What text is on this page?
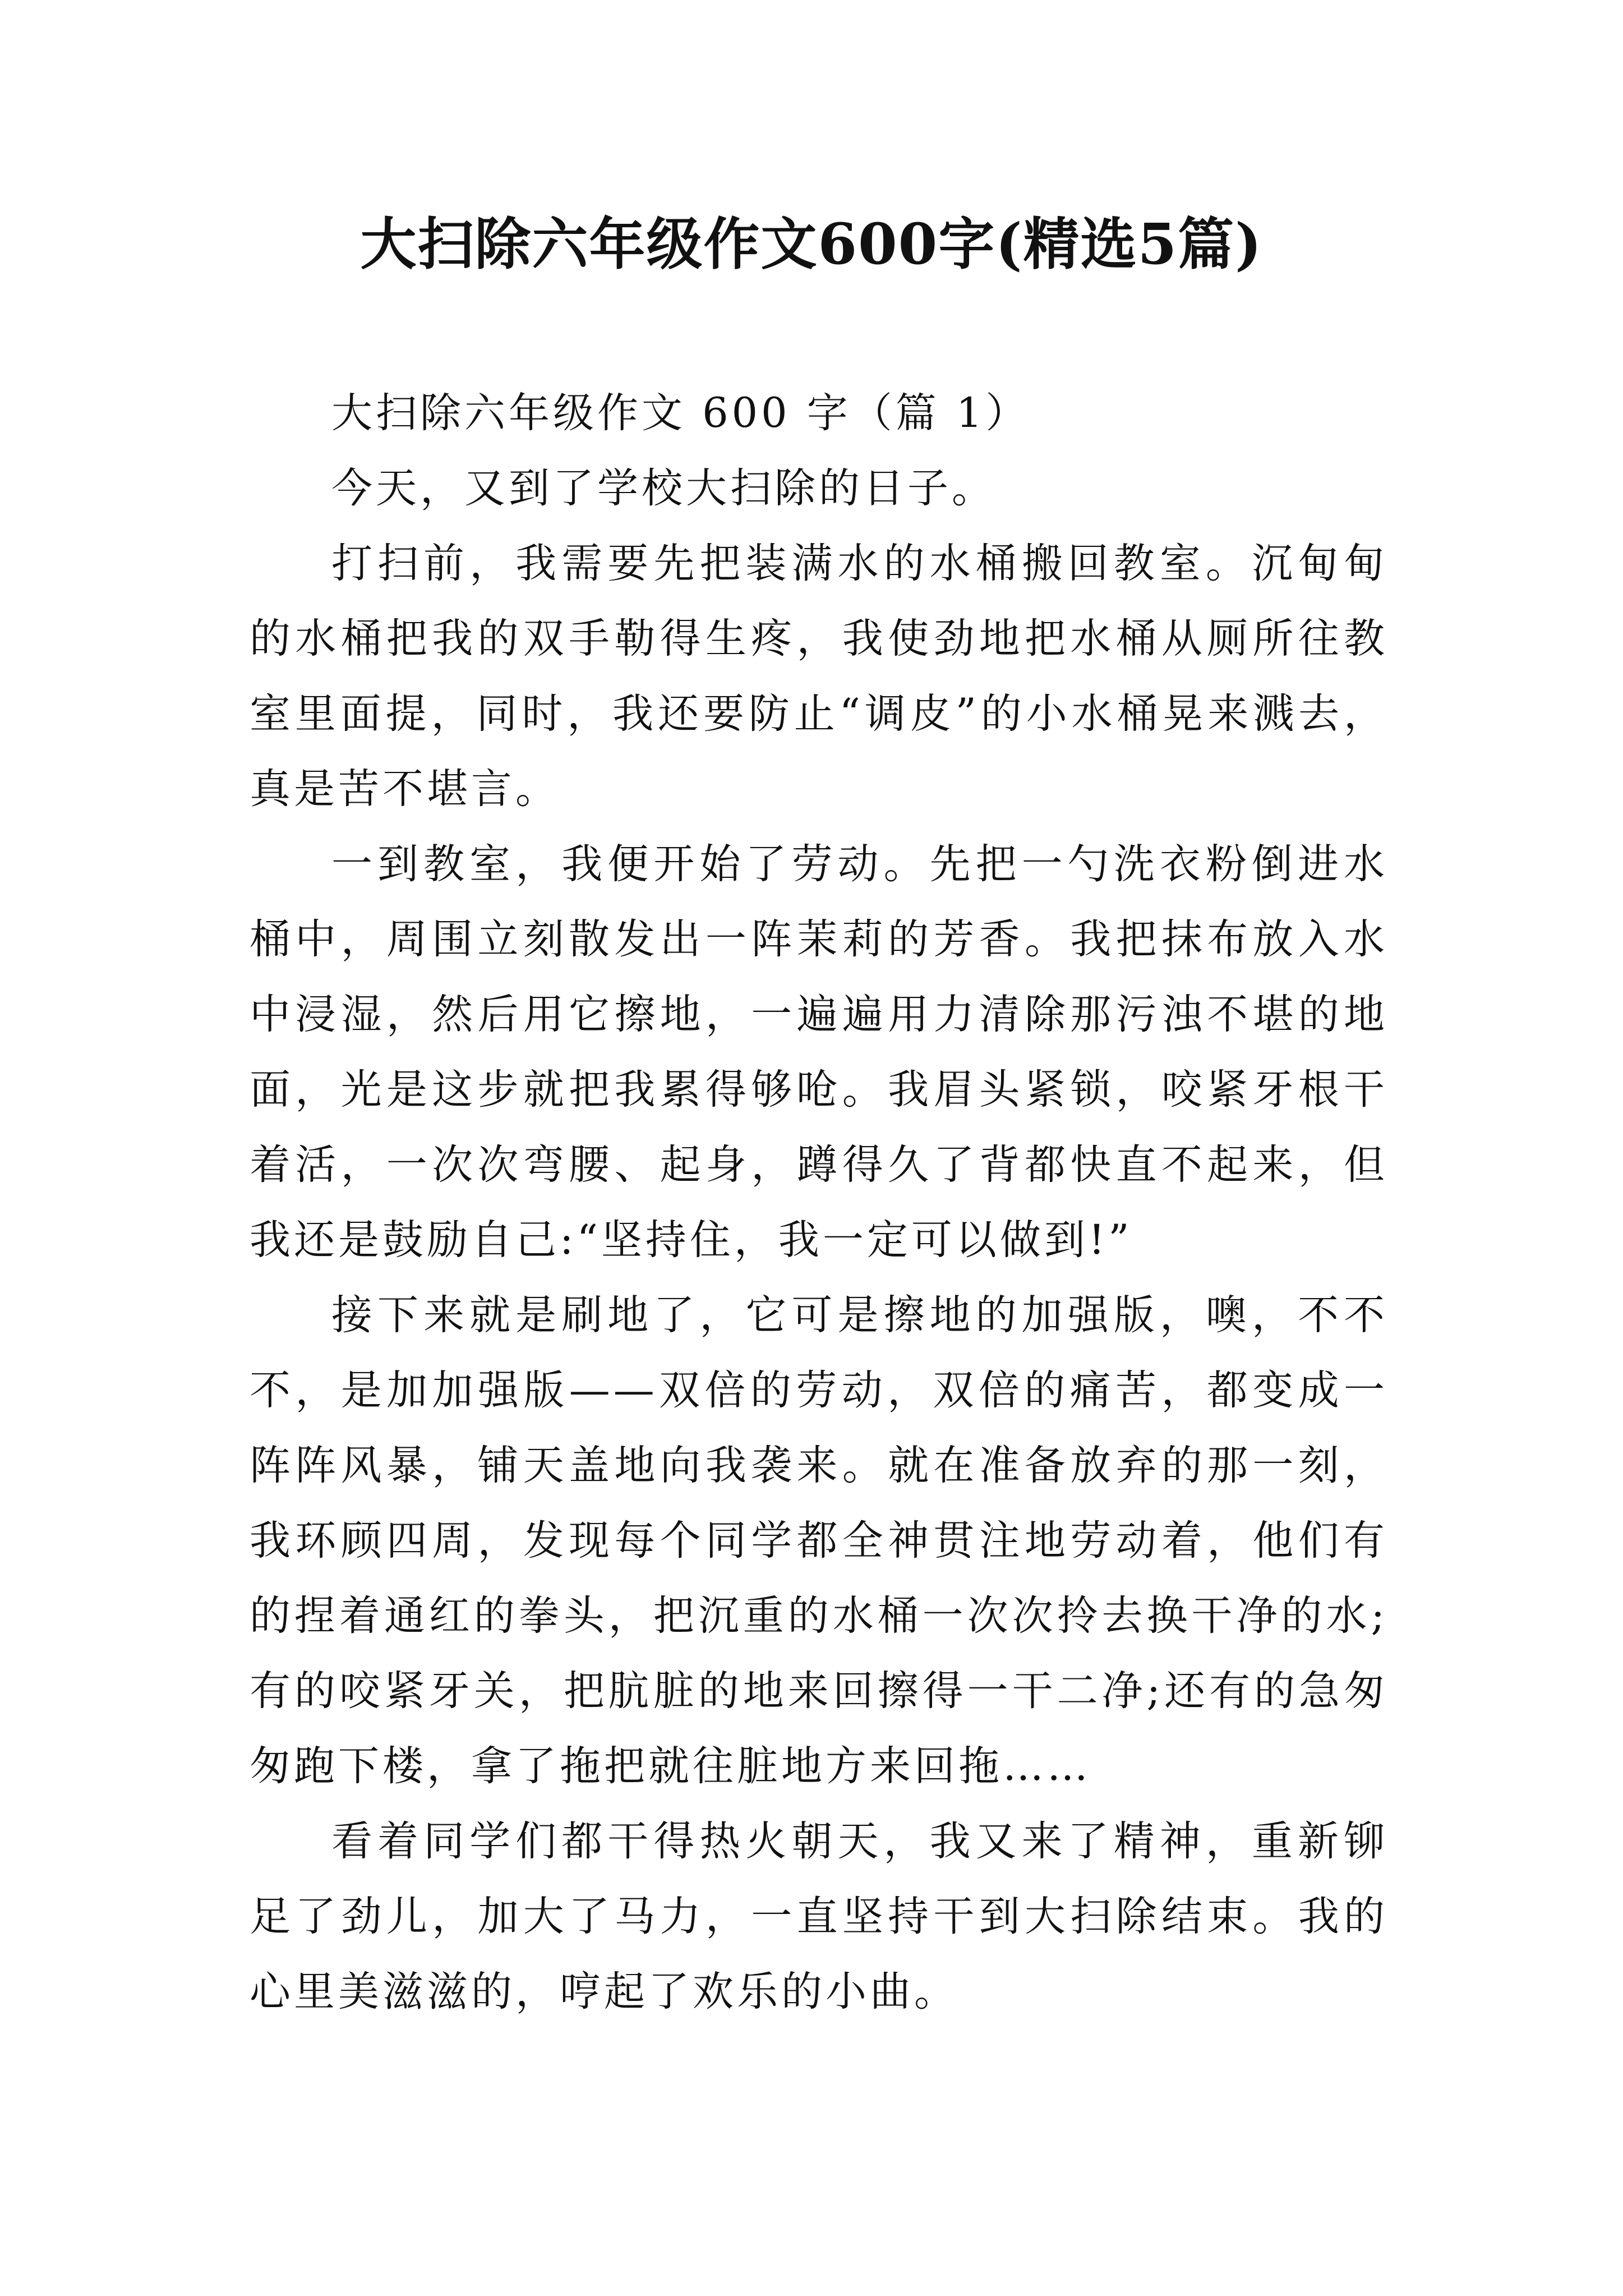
大扫除六年级作文600字(精选5篇)

大扫除六年级作文 600 字（篇 1）

今天，又到了学校大扫除的日子。

打扫前，我需要先把装满水的水桶搬回教室。沉甸甸的水桶把我的双手勒得生疼，我使劲地把水桶从厕所往教室里面提，同时，我还要防止“调皮”的小水桶晃来溅去，真是苦不堪言。

一到教室，我便开始了劳动。先把一勺洗衣粉倒进水桶中，周围立刻散发出一阵茉莉的芳香。我把抹布放入水中浸湿，然后用它擦地，一遍遍用力清除那污浊不堪的地面，光是这步就把我累得够呛。我眉头紧锁，咬紧牙根干着活，一次次弯腰、起身，蹲得久了背都快直不起来，但我还是鼓励自己:“坚持住，我一定可以做到!”

接下来就是刷地了，它可是擦地的加强版，噢，不不不，是加加强版——双倍的劳动，双倍的痛苦，都变成一阵阵风暴，铺天盖地向我袭来。就在准备放弃的那一刻，我环顾四周，发现每个同学都全神贯注地劳动着，他们有的捏着通红的拳头，把沉重的水桶一次次拎去换干净的水;有的咬紧牙关，把肮脏的地来回擦得一干二净;还有的急匆匆跑下楼，拿了拖把就往脏地方来回拖……

看着同学们都干得热火朝天，我又来了精神，重新铆足了劲儿，加大了马力，一直坚持干到大扫除结束。我的心里美滋滋的，哼起了欢乐的小曲。
